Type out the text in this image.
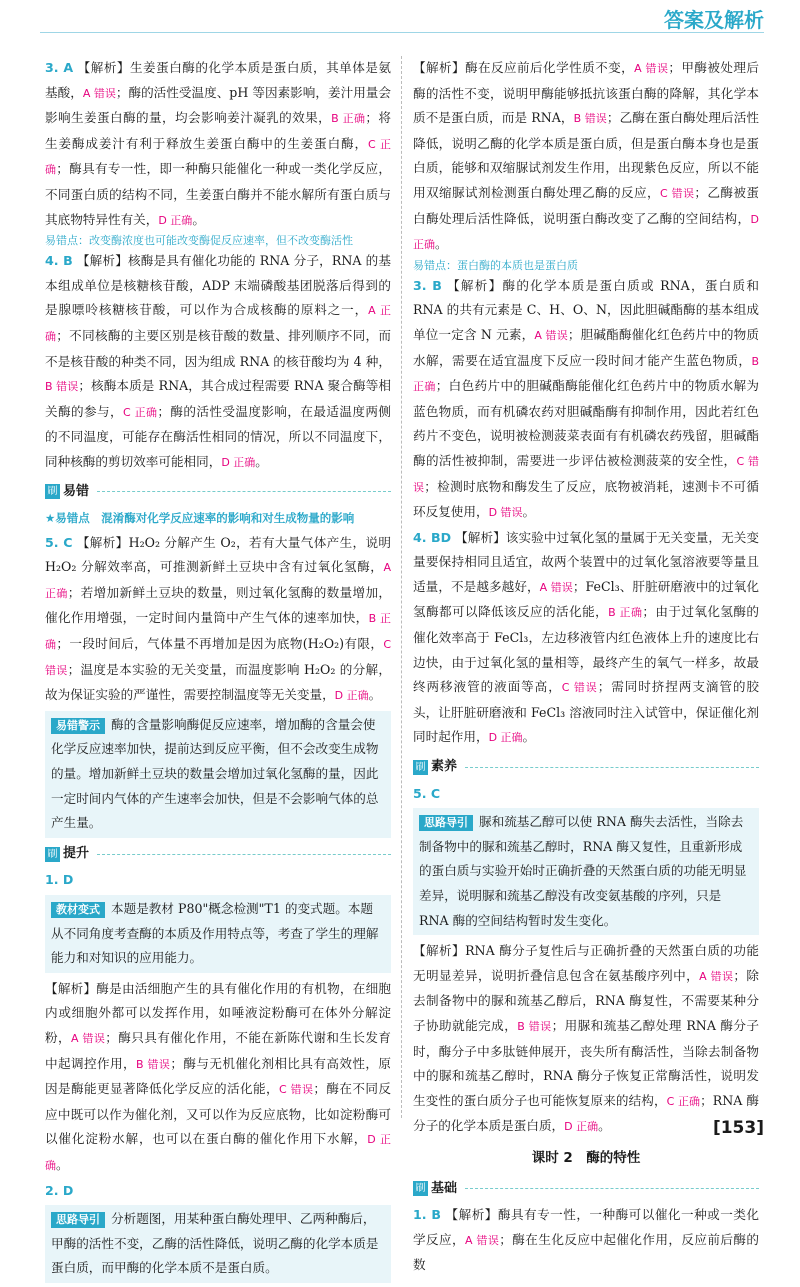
答案及解析

3. A 【解析】生姜蛋白酶的化学本质是蛋白质，其单体是氨基酸，A 错误；酶的活性受温度、pH 等因素影响，姜汁用量会影响生姜蛋白酶的量，均会影响姜汁凝乳的效果，B 正确；将生姜酶成姜汁有利于释放生姜蛋白酶中的生姜蛋白酶，C 正确；酶具有专一性，即一种酶只能催化一种或一类化学反应，不同蛋白质的结构不同，生姜蛋白酶并不能水解所有蛋白质与其底物特异性有关，D 正确。

易错点：改变酶浓度也可能改变酶促反应速率，但不改变酶活性

4. B 【解析】核酶是具有催化功能的 RNA 分子，RNA 的基本组成单位是核糖核苷酸，ADP 末端磷酸基团脱落后得到的是腺嘌呤核糖核苷酸，可以作为合成核酶的原料之一，A 正确；不同核酶的主要区别是核苷酸的数量、排列顺序不同，而不是核苷酸的种类不同，因为组成 RNA 的核苷酸均为 4 种，B 错误；核酶本质是 RNA，其合成过程需要 RNA 聚合酶等相关酶的参与，C 正确；酶的活性受温度影响，在最适温度两侧的不同温度，可能存在酶活性相同的情况，所以不同温度下，同种核酶的剪切效率可能相同，D 正确。

刷 易错
★易错点　混淆酶对化学反应速率的影响和对生成物量的影响

5. C 【解析】H₂O₂ 分解产生 O₂，若有大量气体产生，说明 H₂O₂ 分解效率高，可推测新鲜土豆块中含有过氧化氢酶，A 正确；若增加新鲜土豆块的数量，则过氧化氢酶的数量增加，催化作用增强，一定时间内量筒中产生气体的速率加快，B 正确；一段时间后，气体量不再增加是因为底物(H₂O₂)有限，C 错误；温度是本实验的无关变量，而温度影响 H₂O₂ 的分解，故为保证实验的严谨性，需要控制温度等无关变量，D 正确。

易错警示 酶的含量影响酶促反应速率，增加酶的含量会使化学反应速率加快，提前达到反应平衡，但不会改变生成物的量。增加新鲜土豆块的数量会增加过氧化氢酶的量，因此一定时间内气体的产生速率会加快，但是不会影响气体的总产生量。
刷 提升
1. D
教材变式 本题是教材 P80"概念检测"T1 的变式题。本题从不同角度考查酶的本质及作用特点等，考查了学生的理解能力和对知识的应用能力。

【解析】酶是由活细胞产生的具有催化作用的有机物，在细胞内或细胞外都可以发挥作用，如唾液淀粉酶可在体外分解淀粉，A 错误；酶只具有催化作用，不能在新陈代谢和生长发育中起调控作用，B 错误；酶与无机催化剂相比具有高效性，原因是酶能更显著降低化学反应的活化能，C 错误；酶在不同反应中既可以作为催化剂，又可以作为反应底物，比如淀粉酶可以催化淀粉水解，也可以在蛋白酶的催化作用下水解，D 正确。

2. D
思路导引 分析题图，用某种蛋白酶处理甲、乙两种酶后，甲酶的活性不变，乙酶的活性降低，说明乙酶的化学本质是蛋白质，而甲酶的化学本质不是蛋白质。

【解析】酶在反应前后化学性质不变，A 错误；甲酶被处理后酶的活性不变，说明甲酶能够抵抗该蛋白酶的降解，其化学本质不是蛋白质，而是 RNA，B 错误；乙酶在蛋白酶处理后活性降低，说明乙酶的化学本质是蛋白质，但是蛋白酶本身也是蛋白质，能够和双缩脲试剂发生作用，出现紫色反应，所以不能用双缩脲试剂检测蛋白酶处理乙酶的反应，C 错误；乙酶被蛋白酶处理后活性降低，说明蛋白酶改变了乙酶的空间结构，D 正确。

易错点：蛋白酶的本质也是蛋白质

3. B 【解析】酶的化学本质是蛋白质或 RNA，蛋白质和 RNA 的共有元素是 C、H、O、N，因此胆碱酯酶的基本组成单位一定含 N 元素，A 错误；胆碱酯酶催化红色药片中的物质水解，需要在适宜温度下反应一段时间才能产生蓝色物质，B 正确；白色药片中的胆碱酯酶能催化红色药片中的物质水解为蓝色物质，而有机磷农药对胆碱酯酶有抑制作用，因此若红色药片不变色，说明被检测菠菜表面有有机磷农药残留，胆碱酯酶的活性被抑制，需要进一步评估被检测菠菜的安全性，C 错误；检测时底物和酶发生了反应，底物被消耗，速测卡不可循环反复使用，D 错误。

4. BD 【解析】该实验中过氧化氢的量属于无关变量，无关变量要保持相同且适宜，故两个装置中的过氧化氢溶液要等量且适量，不是越多越好，A 错误；FeCl₃、肝脏研磨液中的过氧化氢酶都可以降低该反应的活化能，B 正确；由于过氧化氢酶的催化效率高于 FeCl₃，左边移液管内红色液体上升的速度比右边快，由于过氧化氢的量相等，最终产生的氧气一样多，故最终两移液管的液面等高，C 错误；需同时挤捏两支滴管的胶头，让肝脏研磨液和 FeCl₃ 溶液同时注入试管中，保证催化剂同时起作用，D 正确。

刷 素养
5. C
思路导引 脲和巯基乙醇可以使 RNA 酶失去活性，当除去制备物中的脲和巯基乙醇时，RNA 酶又复性，且重新形成的蛋白质与实验开始时正确折叠的天然蛋白质的功能无明显差异，说明脲和巯基乙醇没有改变氨基酸的序列，只是 RNA 酶的空间结构暂时发生变化。

【解析】RNA 酶分子复性后与正确折叠的天然蛋白质的功能无明显差异，说明折叠信息包含在氨基酸序列中，A 错误；除去制备物中的脲和巯基乙醇后，RNA 酶复性，不需要某种分子协助就能完成，B 错误；用脲和巯基乙醇处理 RNA 酶分子时，酶分子中多肽链伸展开，丧失所有酶活性，当除去制备物中的脲和巯基乙醇时，RNA 酶分子恢复正常酶活性，说明发生变性的蛋白质分子也可能恢复原来的结构，C 正确；RNA 酶分子的化学本质是蛋白质，D 正确。

课时 2　酶的特性
刷 基础

1. B 【解析】酶具有专一性，一种酶可以催化一种或一类化学反应，A 错误；酶在生化反应中起催化作用，反应前后酶的数

[153]
